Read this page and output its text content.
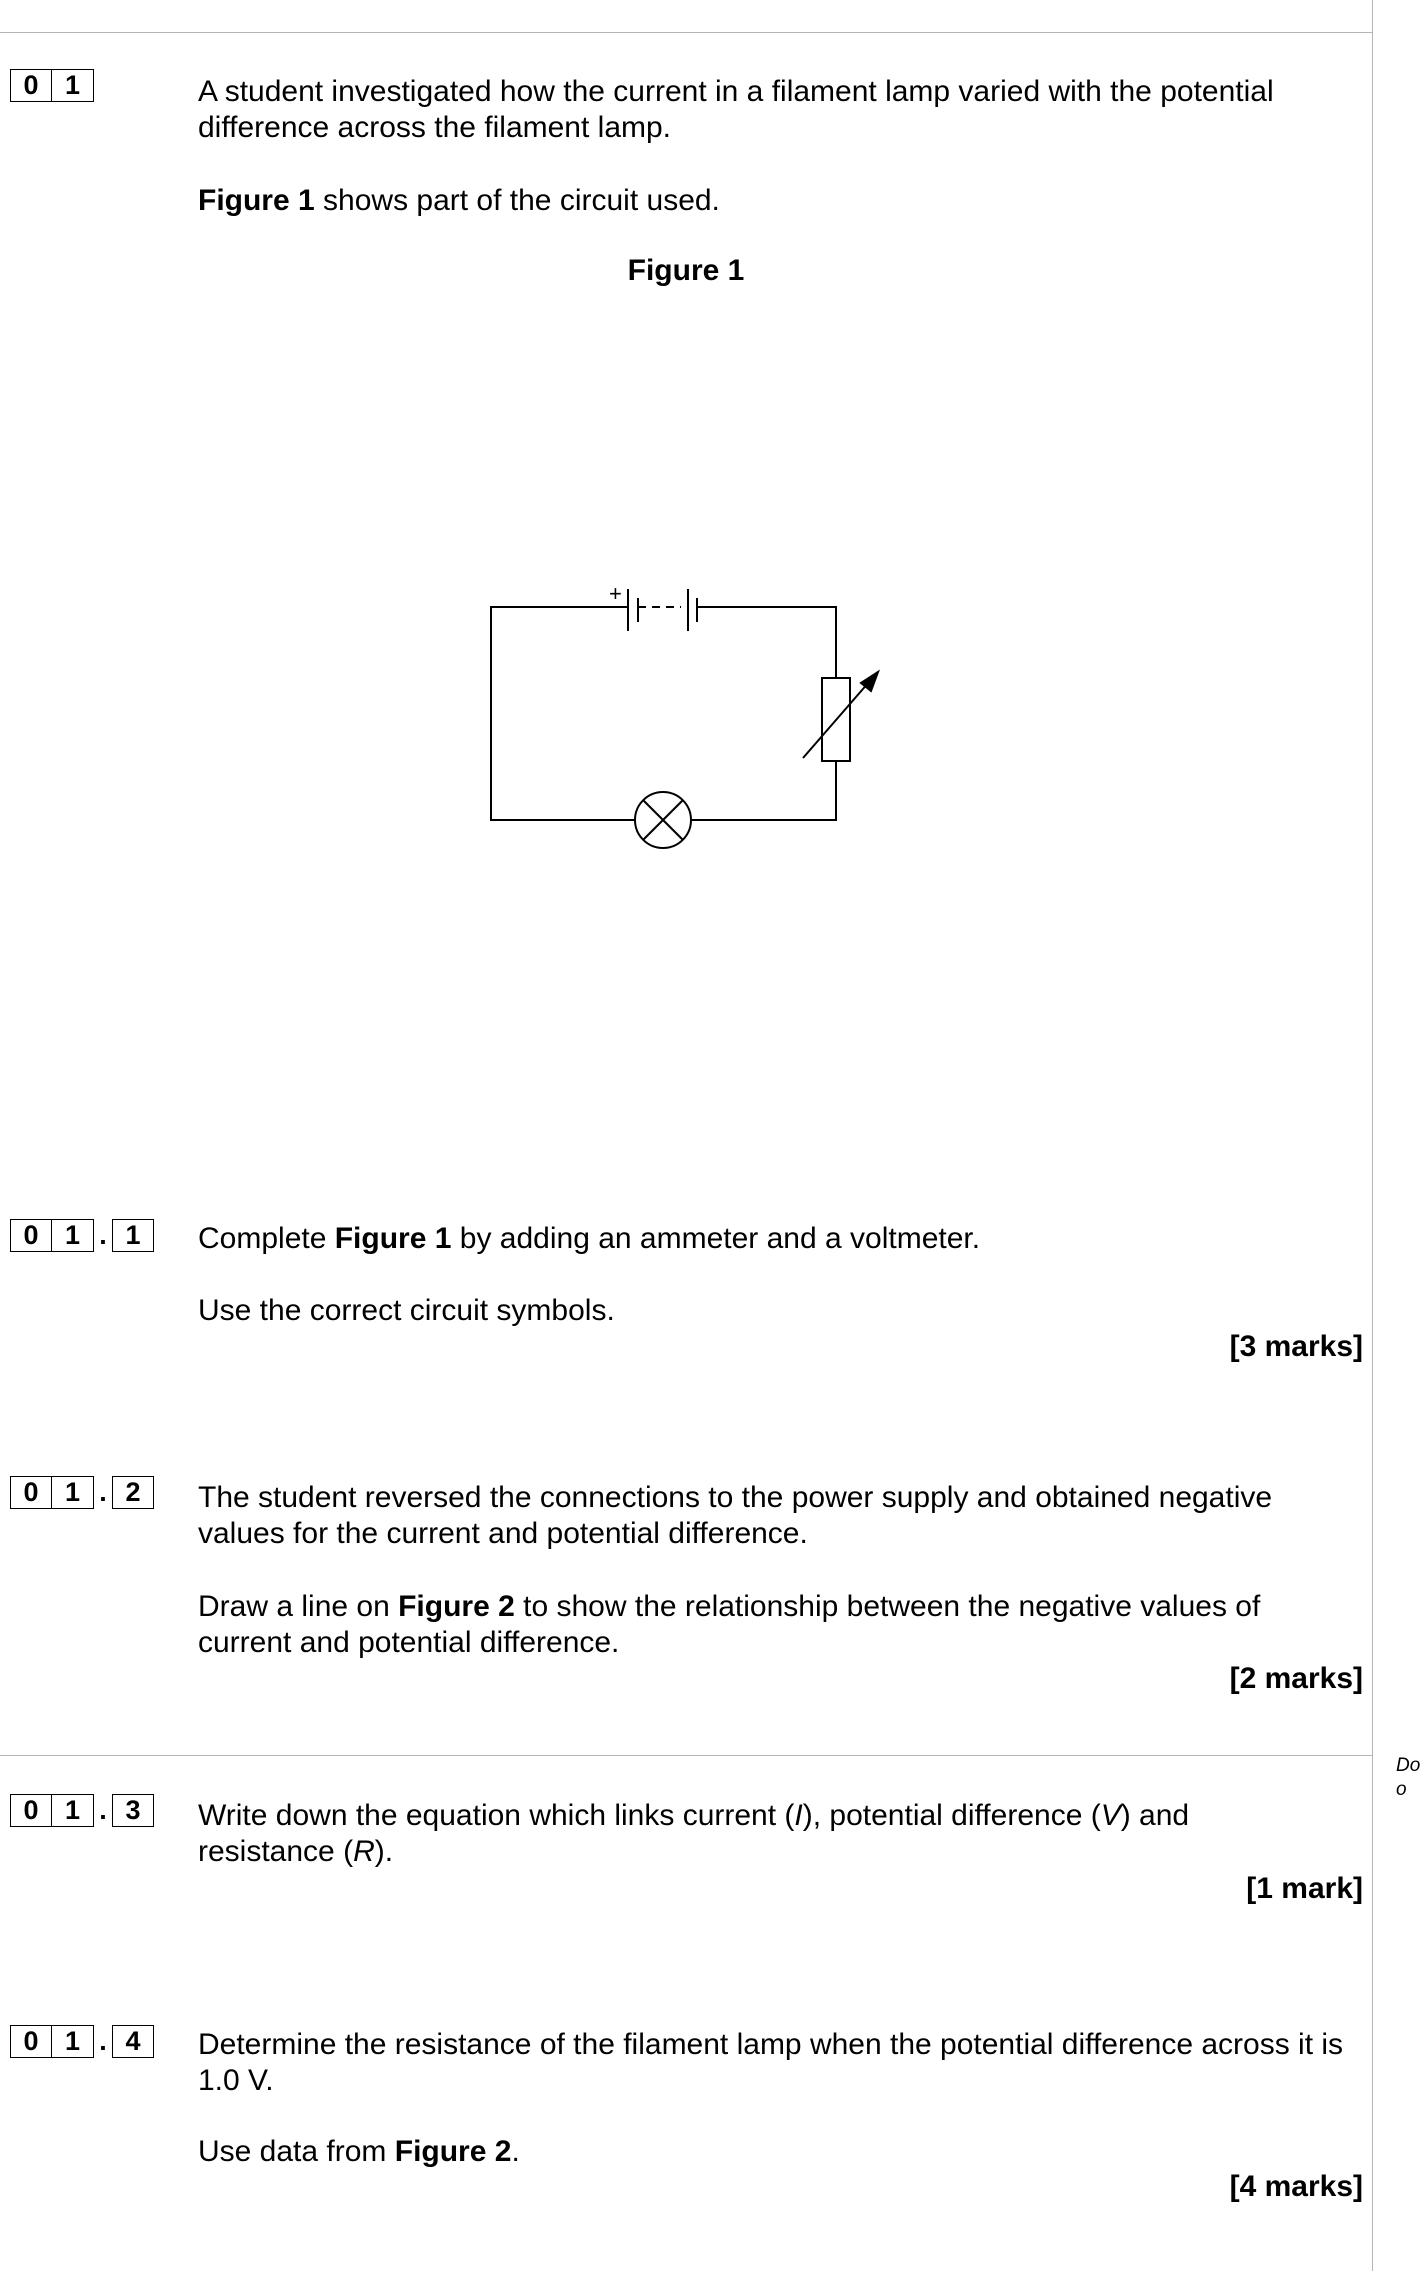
0 1	A student investigated how the current in a filament lamp varied with the potential difference across the filament lamp.

Figure 1 shows part of the circuit used.

Figure 1
+
0 1 . 1	Complete Figure 1 by adding an ammeter and a voltmeter.

Use the correct circuit symbols.

[3 marks]
0 1 . 2	The student reversed the connections to the power supply and obtained negative values for the current and potential difference.

Draw a line on Figure 2 to show the relationship between the negative values of current and potential difference.

[2 marks]
0 1 . 3	Write down the equation which links current (I), potential difference (V) and resistance (R).

[1 mark]
0 1 . 4	Determine the resistance of the filament lamp when the potential difference across it is 1.0 V.

Use data from Figure 2.

[4 marks]
Do
o
